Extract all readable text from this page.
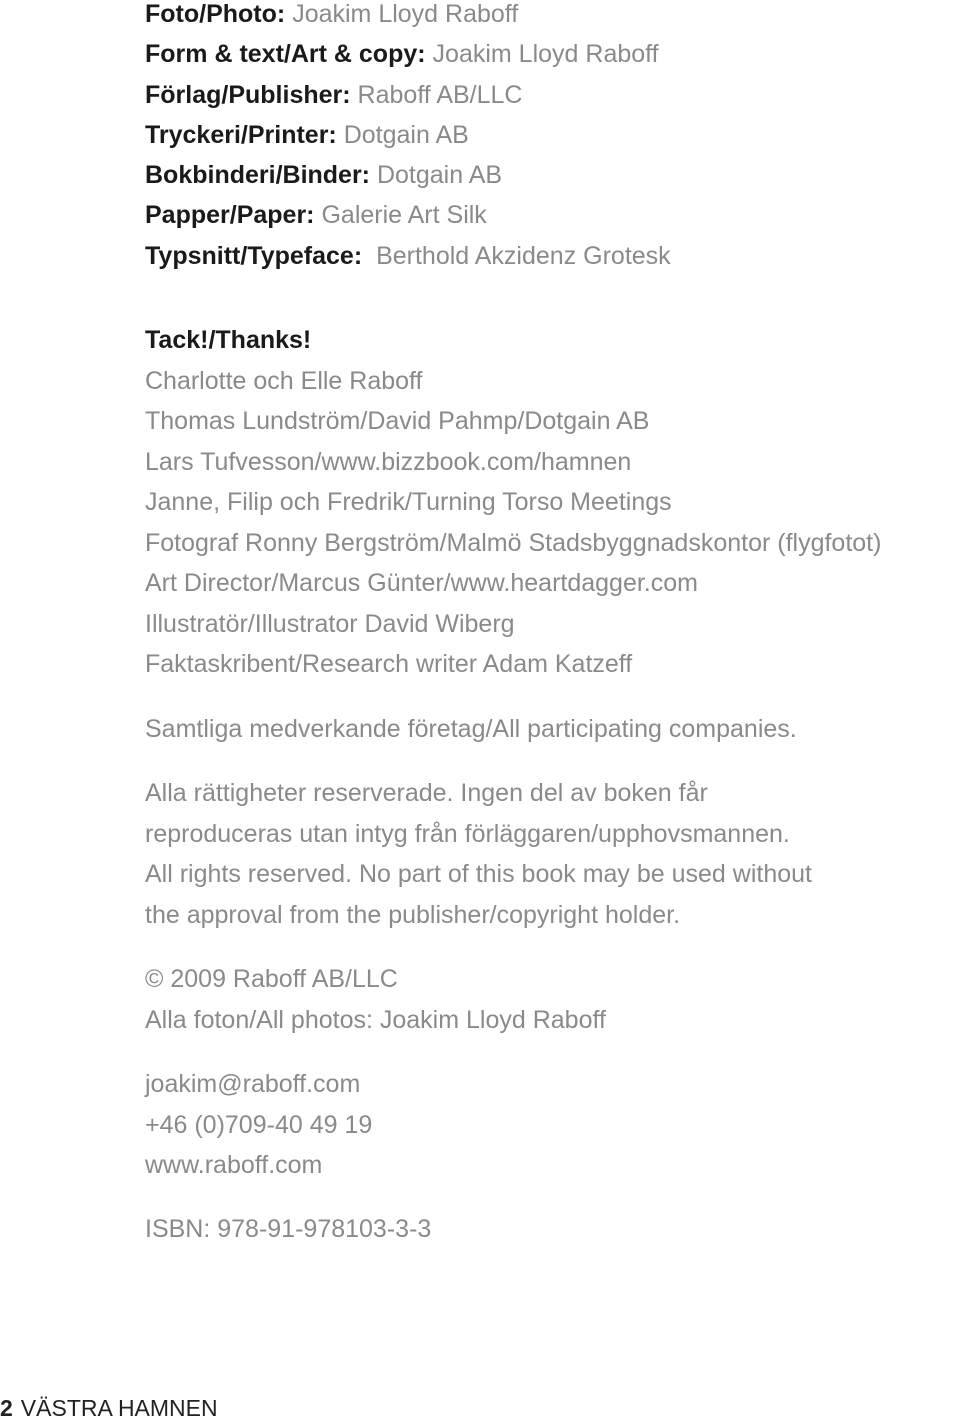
Foto/Photo: Joakim Lloyd Raboff
Form & text/Art & copy: Joakim Lloyd Raboff
Förlag/Publisher: Raboff AB/LLC
Tryckeri/Printer: Dotgain AB
Bokbinderi/Binder: Dotgain AB
Papper/Paper: Galerie Art Silk
Typsnitt/Typeface: Berthold Akzidenz Grotesk
Tack!/Thanks!
Charlotte och Elle Raboff
Thomas Lundström/David Pahmp/Dotgain AB
Lars Tufvesson/www.bizzbook.com/hamnen
Janne, Filip och Fredrik/Turning Torso Meetings
Fotograf Ronny Bergström/Malmö Stadsbyggnadskontor (flygfotot)
Art Director/Marcus Günter/www.heartdagger.com
Illustratör/Illustrator David Wiberg
Faktaskribent/Research writer Adam Katzeff
Samtliga medverkande företag/All participating companies.
Alla rättigheter reserverade. Ingen del av boken får
reproduceras utan intyg från förläggaren/upphovsmannen.
All rights reserved. No part of this book may be used without
the approval from the publisher/copyright holder.
© 2009 Raboff AB/LLC
Alla foton/All photos: Joakim Lloyd Raboff
joakim@raboff.com
+46 (0)709-40 49 19
www.raboff.com
ISBN: 978-91-978103-3-3
2 VÄSTRA HAMNEN
